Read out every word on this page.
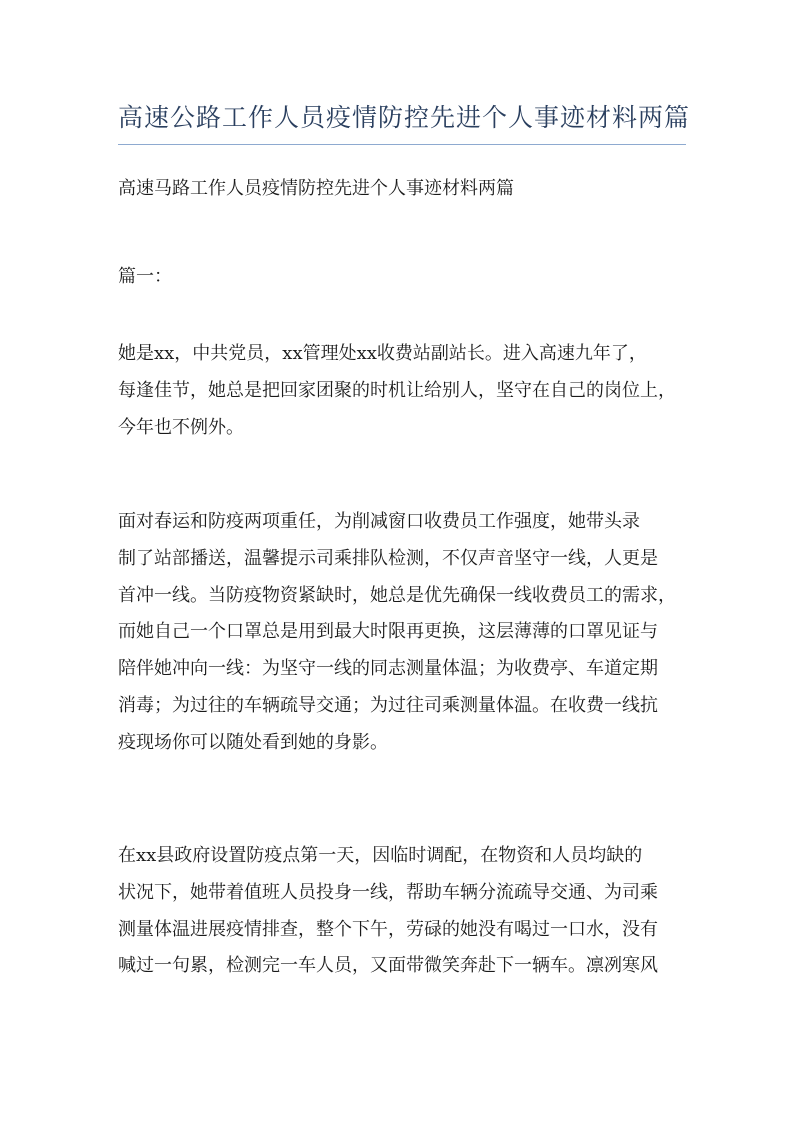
高速公路工作人员疫情防控先进个人事迹材料两篇

高速马路工作人员疫情防控先进个人事迹材料两篇

篇一：

她是xx，中共党员，xx管理处xx收费站副站长。进入高速九年了，
每逢佳节，她总是把回家团聚的时机让给别人，坚守在自己的岗位上，
今年也不例外。
面对春运和防疫两项重任，为削减窗口收费员工作强度，她带头录
制了站部播送，温馨提示司乘排队检测，不仅声音坚守一线，人更是
首冲一线。当防疫物资紧缺时，她总是优先确保一线收费员工的需求，
而她自己一个口罩总是用到最大时限再更换，这层薄薄的口罩见证与
陪伴她冲向一线：为坚守一线的同志测量体温；为收费亭、车道定期
消毒；为过往的车辆疏导交通；为过往司乘测量体温。在收费一线抗
疫现场你可以随处看到她的身影。
在xx县政府设置防疫点第一天，因临时调配，在物资和人员均缺的
状况下，她带着值班人员投身一线，帮助车辆分流疏导交通、为司乘
测量体温进展疫情排查，整个下午，劳碌的她没有喝过一口水，没有
喊过一句累，检测完一车人员，又面带微笑奔赴下一辆车。凛冽寒风
